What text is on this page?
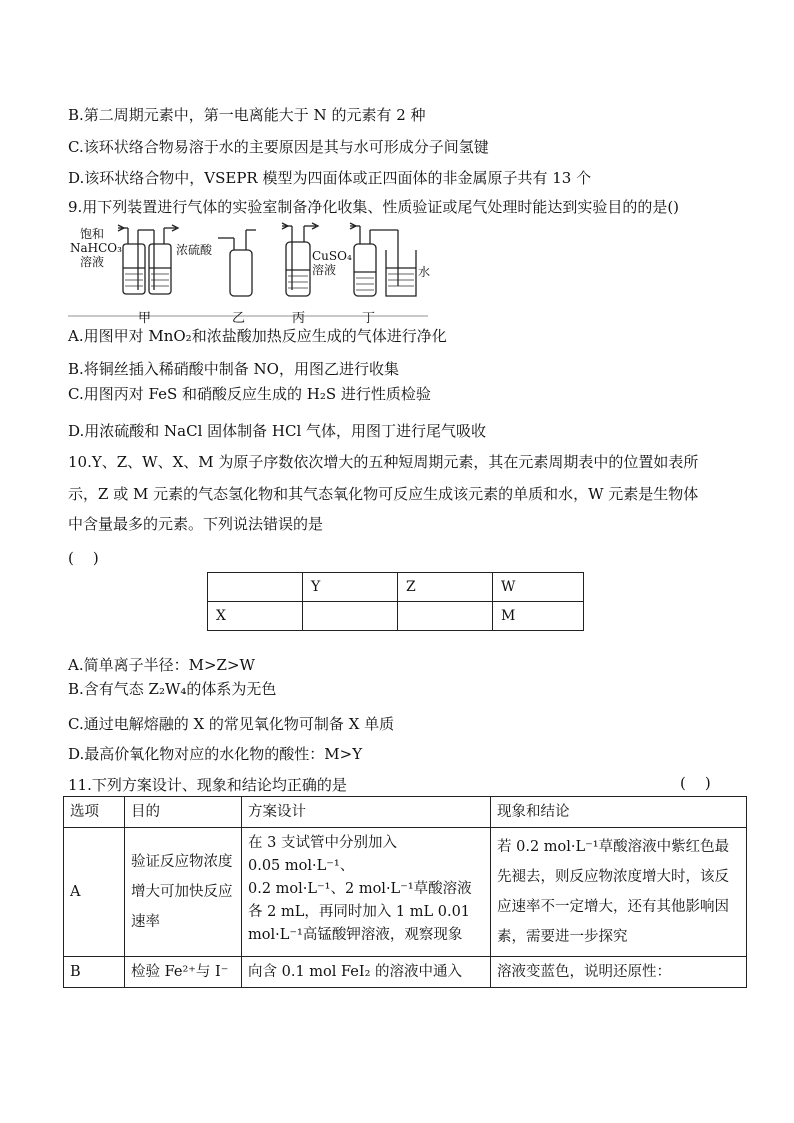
B.第二周期元素中，第一电离能大于 N 的元素有 2 种
C.该环状络合物易溶于水的主要原因是其与水可形成分子间氢键
D.该环状络合物中，VSEPR 模型为四面体或正四面体的非金属原子共有 13 个
9.用下列装置进行气体的实验室制备净化收集、性质验证或尾气处理时能达到实验目的的是()
饱和
NaHCO₃
溶液
浓硫酸	CuSO₄
溶液	水
甲	乙	丙	丁
A.用图甲对 MnO₂和浓盐酸加热反应生成的气体进行净化
B.将铜丝插入稀硝酸中制备 NO，用图乙进行收集
C.用图丙对 FeS 和硝酸反应生成的 H₂S 进行性质检验
D.用浓硫酸和 NaCl 固体制备 HCl 气体，用图丁进行尾气吸收
10.Y、Z、W、X、M 为原子序数依次增大的五种短周期元素，其在元素周期表中的位置如表所
示，Z 或 M 元素的气态氢化物和其气态氧化物可反应生成该元素的单质和水，W 元素是生物体
中含量最多的元素。下列说法错误的是
(    )
	Y	Z	W
X			M
A.简单离子半径：M>Z>W
B.含有气态 Z₂W₄的体系为无色
C.通过电解熔融的 X 的常见氧化物可制备 X 单质
D.最高价氧化物对应的水化物的酸性：M>Y
11.下列方案设计、现象和结论均正确的是	(    )
选项	目的	方案设计	现象和结论
A	验证反应物浓度增大可加快反应速率	在 3 支试管中分别加入
0.05 mol·L⁻¹、
0.2 mol·L⁻¹、2 mol·L⁻¹草酸溶液各 2 mL，再同时加入 1 mL 0.01 mol·L⁻¹高锰酸钾溶液，观察现象	若 0.2 mol·L⁻¹草酸溶液中紫红色最先褪去，则反应物浓度增大时，该反应速率不一定增大，还有其他影响因素，需要进一步探究
B	检验 Fe²⁺与 I⁻	向含 0.1 mol FeI₂ 的溶液中通入	溶液变蓝色，说明还原性：
